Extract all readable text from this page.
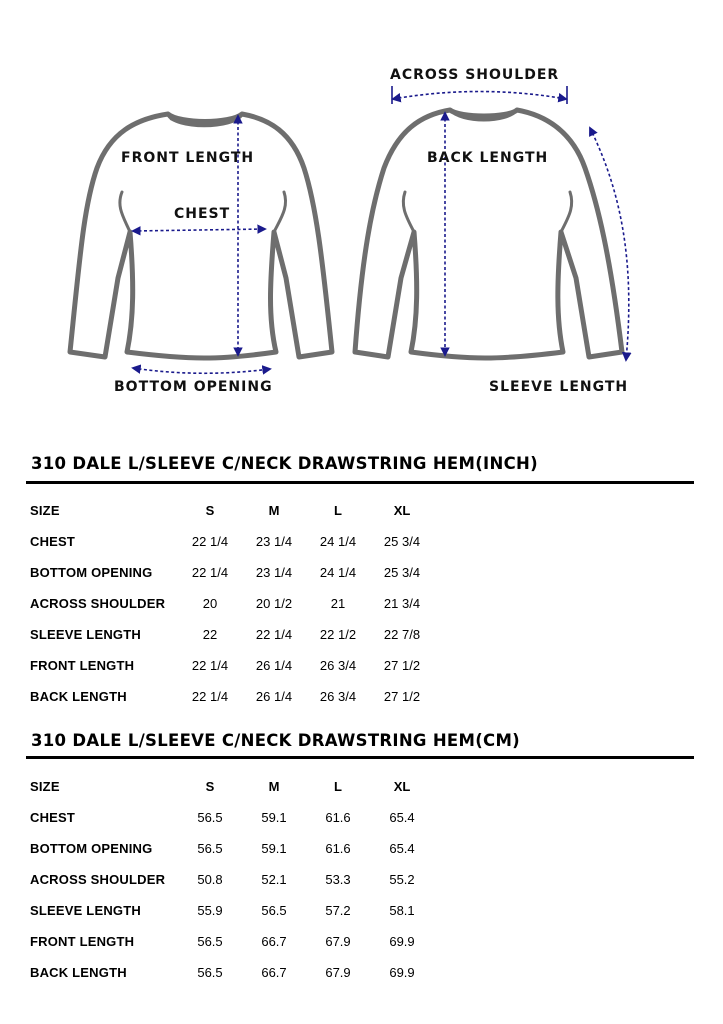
FRONT LENGTH
CHEST
BOTTOM OPENING
ACROSS SHOULDER
BACK LENGTH
SLEEVE LENGTH
310 DALE L/SLEEVE C/NECK DRAWSTRING HEM(INCH)
SIZE	S	M	L	XL
CHEST	22 1/4	23 1/4	24 1/4	25 3/4
BOTTOM OPENING	22 1/4	23 1/4	24 1/4	25 3/4
ACROSS SHOULDER	20	20 1/2	21	21 3/4
SLEEVE LENGTH	22	22 1/4	22 1/2	22 7/8
FRONT LENGTH	22 1/4	26 1/4	26 3/4	27 1/2
BACK LENGTH	22 1/4	26 1/4	26 3/4	27 1/2
310 DALE L/SLEEVE C/NECK DRAWSTRING HEM(CM)
SIZE	S	M	L	XL
CHEST	56.5	59.1	61.6	65.4
BOTTOM OPENING	56.5	59.1	61.6	65.4
ACROSS SHOULDER	50.8	52.1	53.3	55.2
SLEEVE LENGTH	55.9	56.5	57.2	58.1
FRONT LENGTH	56.5	66.7	67.9	69.9
BACK LENGTH	56.5	66.7	67.9	69.9
